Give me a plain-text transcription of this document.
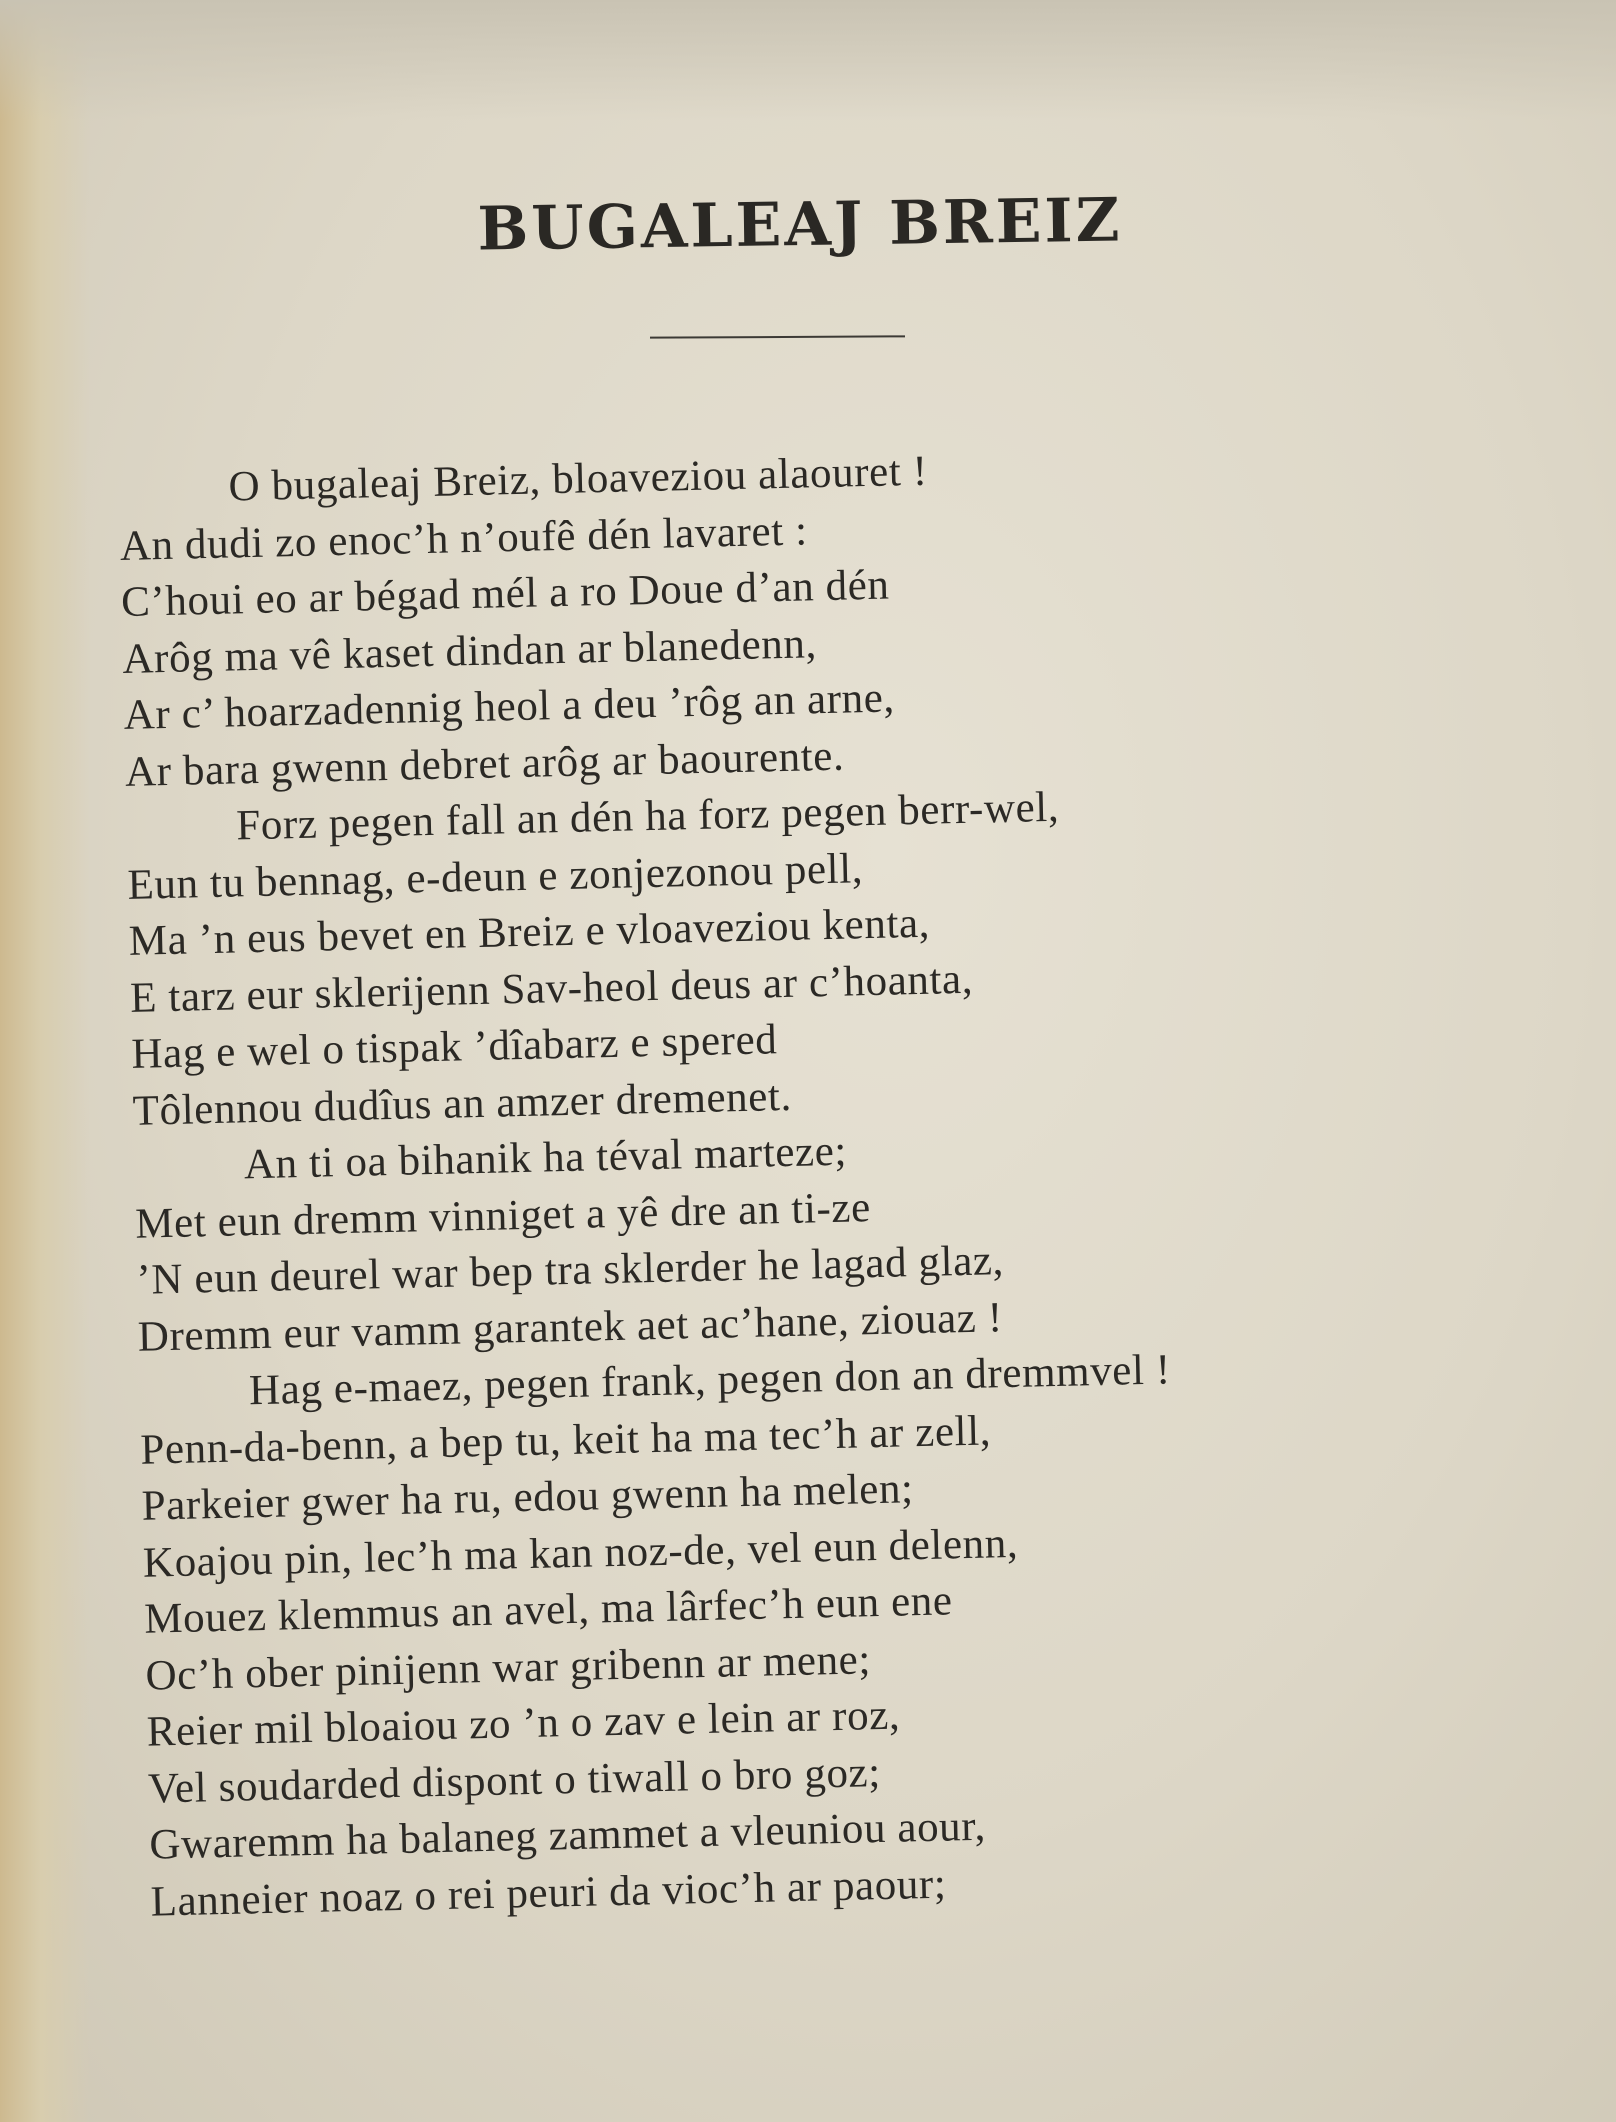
BUGALEAJ BREIZ
O bugaleaj Breiz, bloaveziou alaouret !
An dudi zo enoc’h n’oufê dén lavaret :
C’houi eo ar bégad mél a ro Doue d’an dén
Arôg ma vê kaset dindan ar blanedenn,
Ar c’ hoarzadennig heol a deu ’rôg an arne,
Ar bara gwenn debret arôg ar baourente.
Forz pegen fall an dén ha forz pegen berr-wel,
Eun tu bennag, e-deun e zonjezonou pell,
Ma ’n eus bevet en Breiz e vloaveziou kenta,
E tarz eur sklerijenn Sav-heol deus ar c’hoanta,
Hag e wel o tispak ’dîabarz e spered
Tôlennou dudîus an amzer dremenet.
An ti oa bihanik ha téval marteze;
Met eun dremm vinniget a yê dre an ti-ze
’N eun deurel war bep tra sklerder he lagad glaz,
Dremm eur vamm garantek aet ac’hane, ziouaz !
Hag e-maez, pegen frank, pegen don an dremmvel !
Penn-da-benn, a bep tu, keit ha ma tec’h ar zell,
Parkeier gwer ha ru, edou gwenn ha melen;
Koajou pin, lec’h ma kan noz-de, vel eun delenn,
Mouez klemmus an avel, ma lârfec’h eun ene
Oc’h ober pinijenn war gribenn ar mene;
Reier mil bloaiou zo ’n o zav e lein ar roz,
Vel soudarded dispont o tiwall o bro goz;
Gwaremm ha balaneg zammet a vleuniou aour,
Lanneier noaz o rei peuri da vioc’h ar paour;
